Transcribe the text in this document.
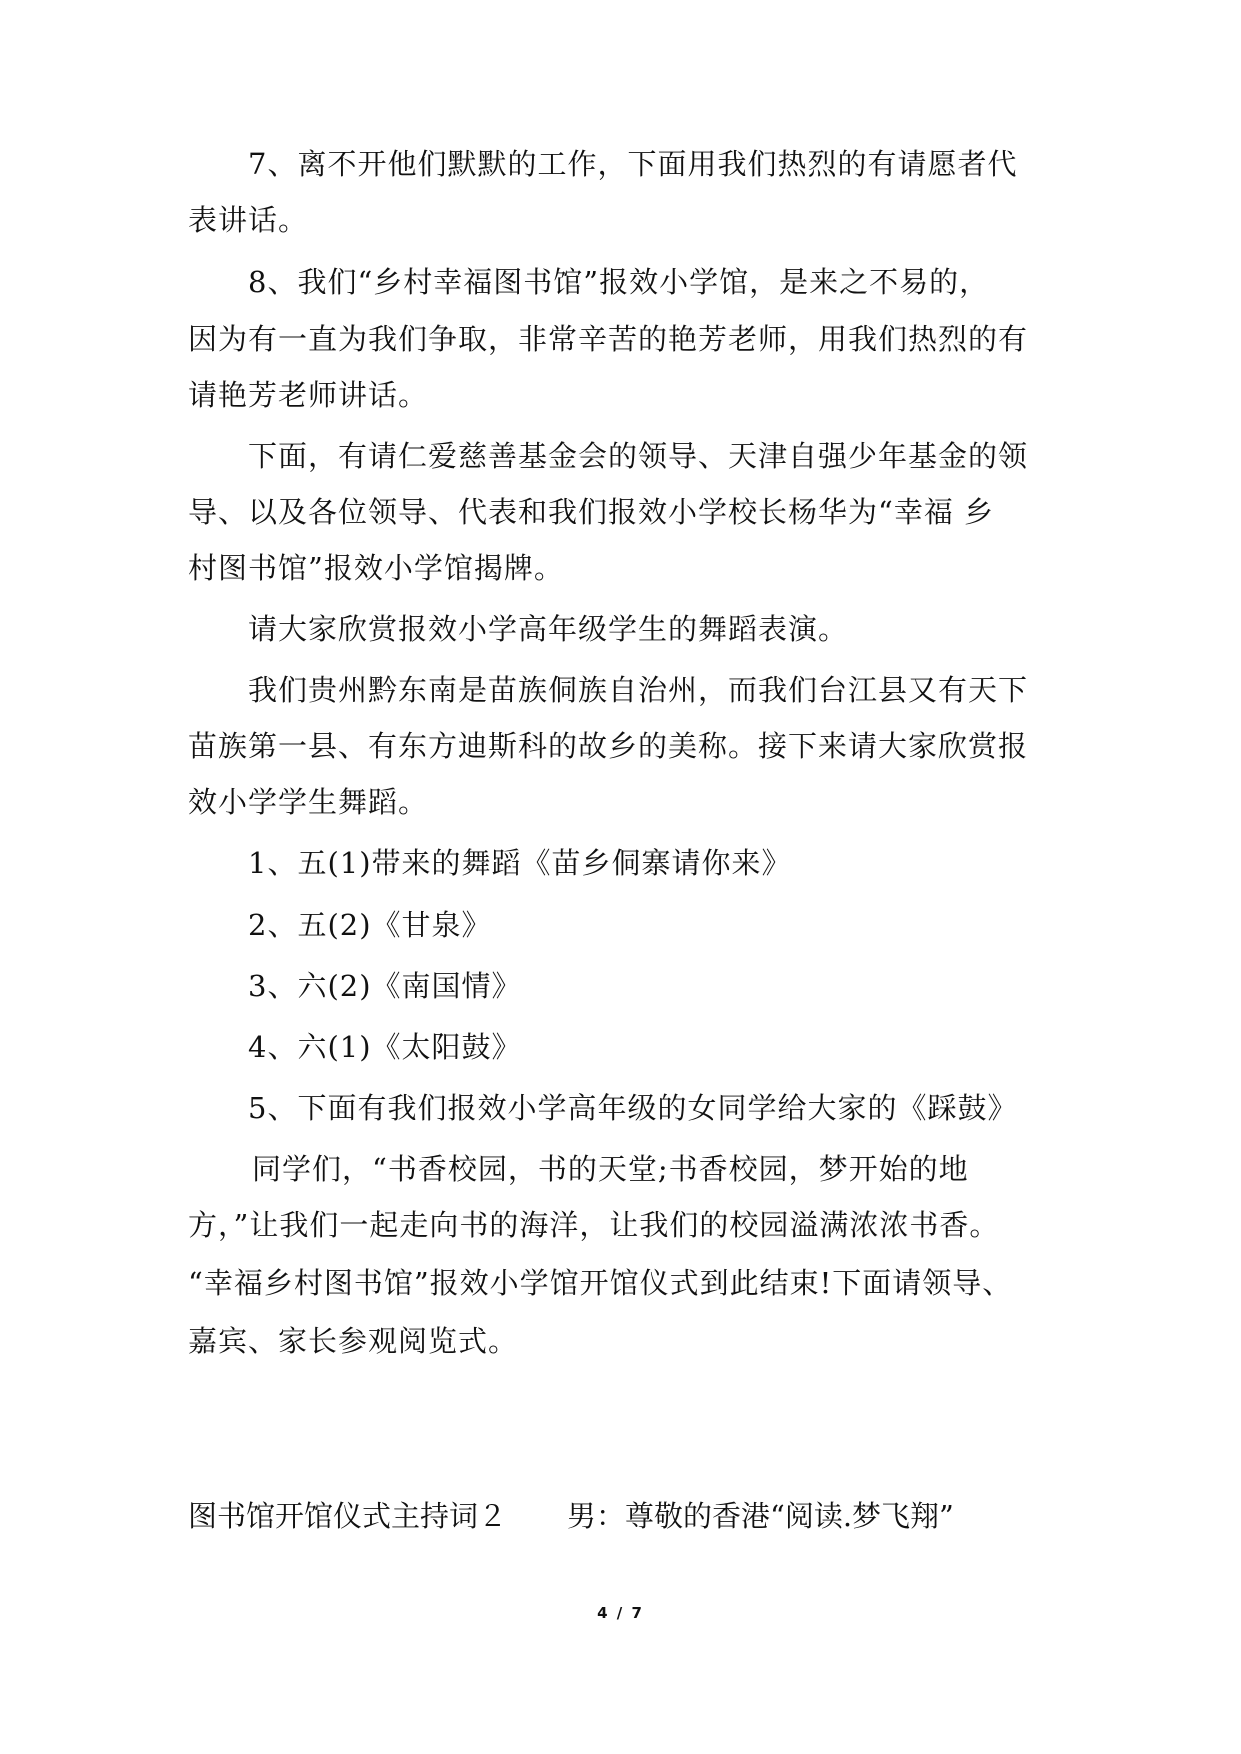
7、离不开他们默默的工作，下面用我们热烈的有请愿者代
表讲话。
8、我们“乡村幸福图书馆”报效小学馆，是来之不易的，
因为有一直为我们争取，非常辛苦的艳芳老师，用我们热烈的有
请艳芳老师讲话。
下面，有请仁爱慈善基金会的领导、天津自强少年基金的领
导、以及各位领导、代表和我们报效小学校长杨华为“幸福 乡
村图书馆”报效小学馆揭牌。
请大家欣赏报效小学高年级学生的舞蹈表演。
我们贵州黔东南是苗族侗族自治州，而我们台江县又有天下
苗族第一县、有东方迪斯科的故乡的美称。接下来请大家欣赏报
效小学学生舞蹈。
1、五(1)带来的舞蹈《苗乡侗寨请你来》
2、五(2)《甘泉》
3、六(2)《南国情》
4、六(1)《太阳鼓》
5、下面有我们报效小学高年级的女同学给大家的《踩鼓》
同学们，“书香校园，书的天堂;书香校园，梦开始的地
方，”让我们一起走向书的海洋，让我们的校园溢满浓浓书香。
“幸福乡村图书馆”报效小学馆开馆仪式到此结束!下面请领导、
嘉宾、家长参观阅览式。
图书馆开馆仪式主持词２ 男：尊敬的香港“阅读.梦飞翔”
4 / 7
